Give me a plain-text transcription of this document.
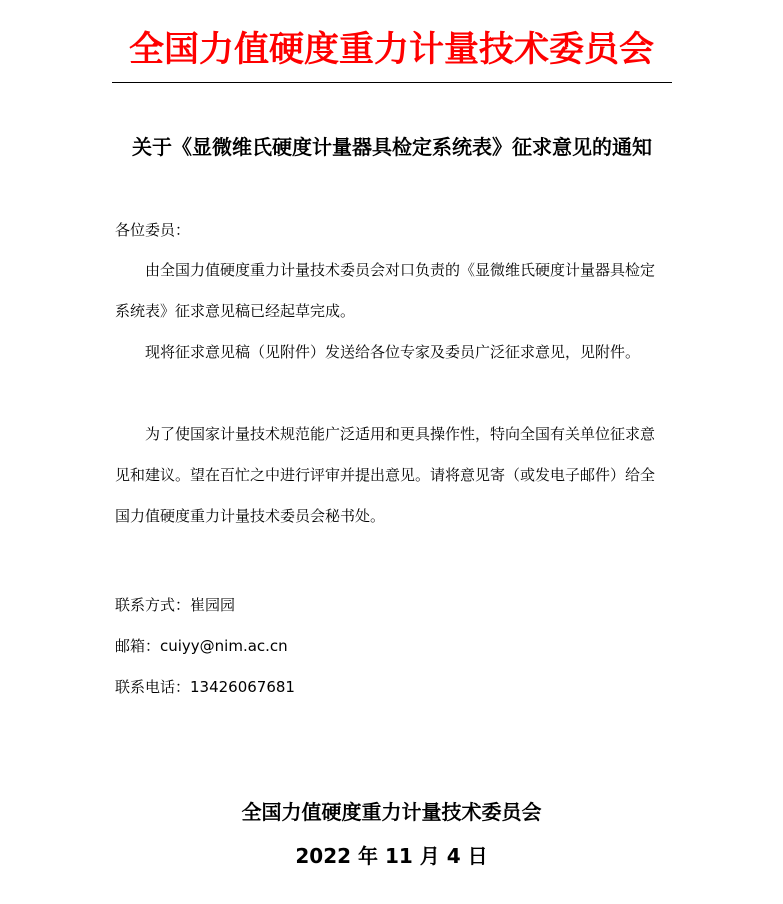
全国力值硬度重力计量技术委员会
关于《显微维氏硬度计量器具检定系统表》征求意见的通知
各位委员：

由全国力值硬度重力计量技术委员会对口负责的《显微维氏硬度计量器具检定系统表》征求意见稿已经起草完成。

现将征求意见稿（见附件）发送给各位专家及委员广泛征求意见，见附件。

为了使国家计量技术规范能广泛适用和更具操作性，特向全国有关单位征求意见和建议。望在百忙之中进行评审并提出意见。请将意见寄（或发电子邮件）给全国力值硬度重力计量技术委员会秘书处。

联系方式：崔园园
邮箱：cuiyy@nim.ac.cn
联系电话：13426067681
全国力值硬度重力计量技术委员会
2022 年 11 月 4 日
